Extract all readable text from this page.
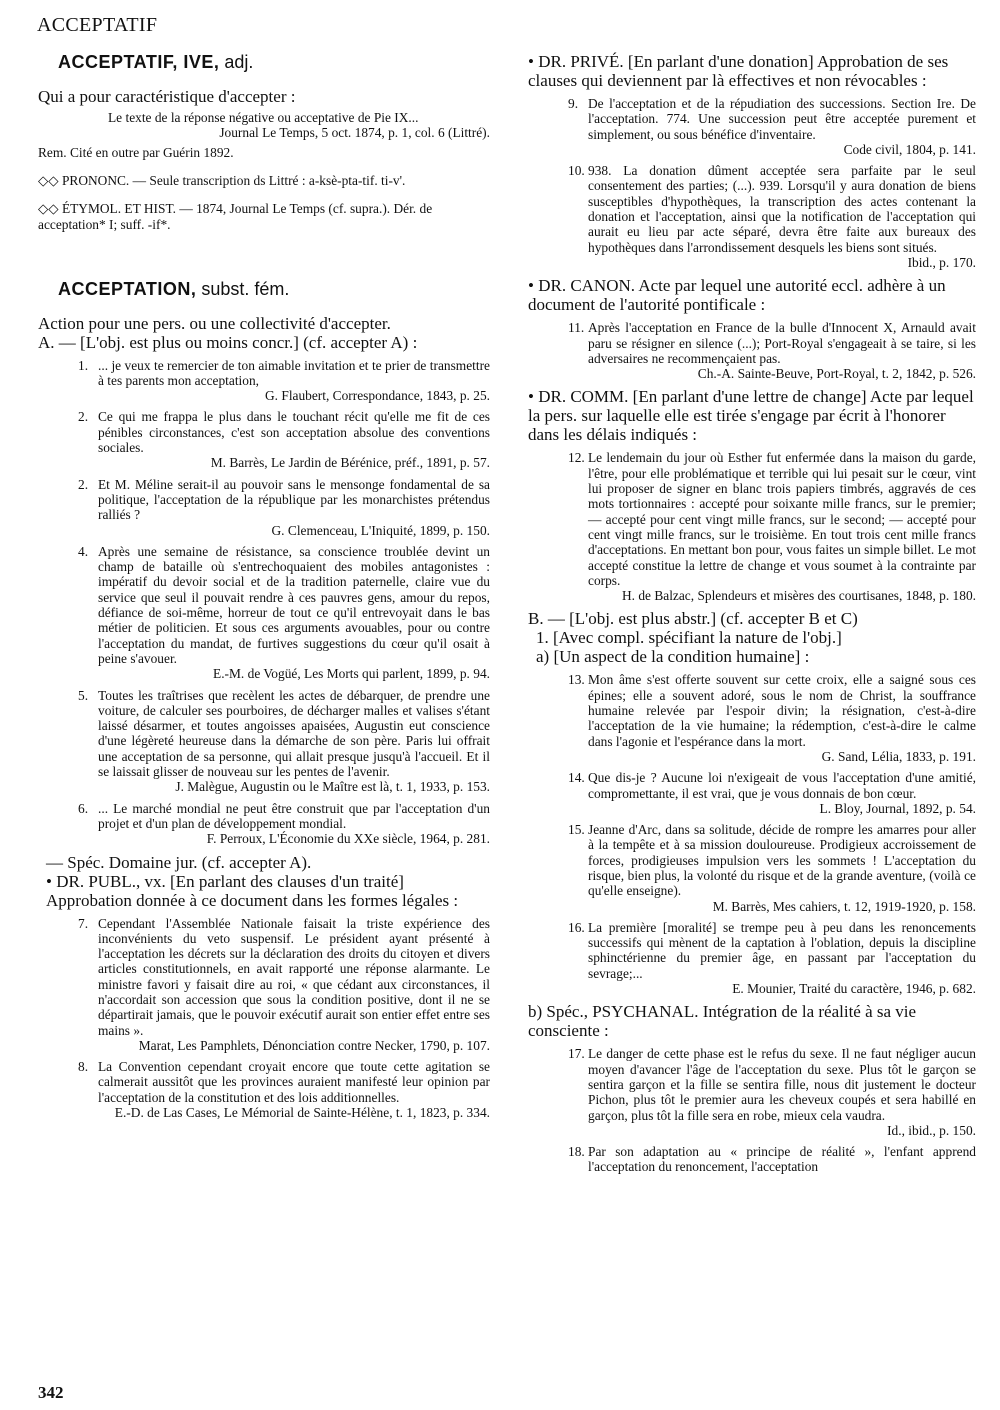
ACCEPTATIF
ACCEPTATIF, IVE, adj.

Qui a pour caractéristique d'accepter :

Le texte de la réponse négative ou acceptative de Pie IX...
Journal Le Temps, 5 oct. 1874, p. 1, col. 6 (Littré).

Rem. Cité en outre par Guérin 1892.

◇◇ PRONONC. — Seule transcription ds Littré : a-ksè-pta-tif. ti-v'.

◇◇ ÉTYMOL. ET HIST. — 1874, Journal Le Temps (cf. supra.). Dér. de acceptation* I; suff. -if*.

ACCEPTATION, subst. fém.

Action pour une pers. ou une collectivité d'accepter.

A. — [L'obj. est plus ou moins concr.] (cf. accepter A) :

1. ... je veux te remercier de ton aimable invitation et te prier de transmettre à tes parents mon acceptation,
G. Flaubert, Correspondance, 1843, p. 25.

2. Ce qui me frappa le plus dans le touchant récit qu'elle me fit de ces pénibles circonstances, c'est son acceptation absolue des conventions sociales.
M. Barrès, Le Jardin de Bérénice, préf., 1891, p. 57.

2. Et M. Méline serait-il au pouvoir sans le mensonge fondamental de sa politique, l'acceptation de la république par les monarchistes prétendus ralliés ?
G. Clemenceau, L'Iniquité, 1899, p. 150.

4. Après une semaine de résistance, sa conscience troublée devint un champ de bataille où s'entrechoquaient des mobiles antagonistes : impératif du devoir social et de la tradition paternelle, claire vue du service que seul il pouvait rendre à ces pauvres gens, amour du repos, défiance de soi-même, horreur de tout ce qu'il entrevoyait dans le bas métier de politicien. Et sous ces arguments avouables, pour ou contre l'acceptation du mandat, de furtives suggestions du cœur qu'il osait à peine s'avouer.
E.-M. de Vogüé, Les Morts qui parlent, 1899, p. 94.

5. Toutes les traîtrises que recèlent les actes de débarquer, de prendre une voiture, de calculer ses pourboires, de décharger malles et valises s'étant laissé désarmer, et toutes angoisses apaisées, Augustin eut conscience d'une légèreté heureuse dans la démarche de son père. Paris lui offrait une acceptation de sa personne, qui allait presque jusqu'à l'accueil. Et il se laissait glisser de nouveau sur les pentes de l'avenir.
J. Malègue, Augustin ou le Maître est là, t. 1, 1933, p. 153.

6. ... Le marché mondial ne peut être construit que par l'acceptation d'un projet et d'un plan de développement mondial.
F. Perroux, L'Économie du XXe siècle, 1964, p. 281.

— Spéc. Domaine jur. (cf. accepter A).

• DR. PUBL., vx. [En parlant des clauses d'un traité] Approbation donnée à ce document dans les formes légales :

7. Cependant l'Assemblée Nationale faisait la triste expérience des inconvénients du veto suspensif. Le président ayant présenté à l'acceptation les décrets sur la déclaration des droits du citoyen et divers articles constitutionnels, en avait rapporté une réponse alarmante. Le ministre favori y faisait dire au roi, « que cédant aux circonstances, il n'accordait son accession que sous la condition positive, dont il ne se départirait jamais, que le pouvoir exécutif aurait son entier effet entre ses mains ».
Marat, Les Pamphlets, Dénonciation contre Necker, 1790, p. 107.

8. La Convention cependant croyait encore que toute cette agitation se calmerait aussitôt que les provinces auraient manifesté leur opinion par l'acceptation de la constitution et des lois additionnelles.
E.-D. de Las Cases, Le Mémorial de Sainte-Hélène, t. 1, 1823, p. 334.

• DR. PRIVÉ. [En parlant d'une donation] Approbation de ses clauses qui deviennent par là effectives et non révocables :

9. De l'acceptation et de la répudiation des successions. Section Ire. De l'acceptation. 774. Une succession peut être acceptée purement et simplement, ou sous bénéfice d'inventaire.
Code civil, 1804, p. 141.

10. 938. La donation dûment acceptée sera parfaite par le seul consentement des parties; (...). 939. Lorsqu'il y aura donation de biens susceptibles d'hypothèques, la transcription des actes contenant la donation et l'acceptation, ainsi que la notification de l'acceptation qui aurait eu lieu par acte séparé, devra être faite aux bureaux des hypothèques dans l'arrondissement desquels les biens sont situés.
Ibid., p. 170.

• DR. CANON. Acte par lequel une autorité eccl. adhère à un document de l'autorité pontificale :

11. Après l'acceptation en France de la bulle d'Innocent X, Arnauld avait paru se résigner en silence (...); Port-Royal s'engageait à se taire, si les adversaires ne recommençaient pas.
Ch.-A. Sainte-Beuve, Port-Royal, t. 2, 1842, p. 526.

• DR. COMM. [En parlant d'une lettre de change] Acte par lequel la pers. sur laquelle elle est tirée s'engage par écrit à l'honorer dans les délais indiqués :

12. Le lendemain du jour où Esther fut enfermée dans la maison du garde, l'être, pour elle problématique et terrible qui lui pesait sur le cœur, vint lui proposer de signer en blanc trois papiers timbrés, aggravés de ces mots tortionnaires : accepté pour soixante mille francs, sur le premier; — accepté pour cent vingt mille francs, sur le second; — accepté pour cent vingt mille francs, sur le troisième. En tout trois cent mille francs d'acceptations. En mettant bon pour, vous faites un simple billet. Le mot accepté constitue la lettre de change et vous soumet à la contrainte par corps.
H. de Balzac, Splendeurs et misères des courtisanes, 1848, p. 180.

B. — [L'obj. est plus abstr.] (cf. accepter B et C)

1. [Avec compl. spécifiant la nature de l'obj.]

a) [Un aspect de la condition humaine] :

13. Mon âme s'est offerte souvent sur cette croix, elle a saigné sous ces épines; elle a souvent adoré, sous le nom de Christ, la souffrance humaine relevée par l'espoir divin; la résignation, c'est-à-dire l'acceptation de la vie humaine; la rédemption, c'est-à-dire le calme dans l'agonie et l'espérance dans la mort.
G. Sand, Lélia, 1833, p. 191.

14. Que dis-je ? Aucune loi n'exigeait de vous l'acceptation d'une amitié, compromettante, il est vrai, que je vous donnais de bon cœur.
L. Bloy, Journal, 1892, p. 54.

15. Jeanne d'Arc, dans sa solitude, décide de rompre les amarres pour aller à la tempête et à sa mission douloureuse. Prodigieux accroissement de forces, prodigieuses impulsion vers les sommets ! L'acceptation du risque, bien plus, la volonté du risque et de la grande aventure, (voilà ce qu'elle enseigne).
M. Barrès, Mes cahiers, t. 12, 1919-1920, p. 158.

16. La première [moralité] se trempe peu à peu dans les renoncements successifs qui mènent de la captation à l'oblation, depuis la discipline sphinctérienne du premier âge, en passant par l'acceptation du sevrage;...
E. Mounier, Traité du caractère, 1946, p. 682.

b) Spéc., PSYCHANAL. Intégration de la réalité à sa vie consciente :

17. Le danger de cette phase est le refus du sexe. Il ne faut négliger aucun moyen d'avancer l'âge de l'acceptation du sexe. Plus tôt le garçon se sentira garçon et la fille se sentira fille, nous dit justement le docteur Pichon, plus tôt le premier aura les cheveux coupés et sera habillé en garçon, plus tôt la fille sera en robe, mieux cela vaudra.
Id., ibid., p. 150.

18. Par son adaptation au « principe de réalité », l'enfant apprend l'acceptation du renoncement, l'acceptation

342
